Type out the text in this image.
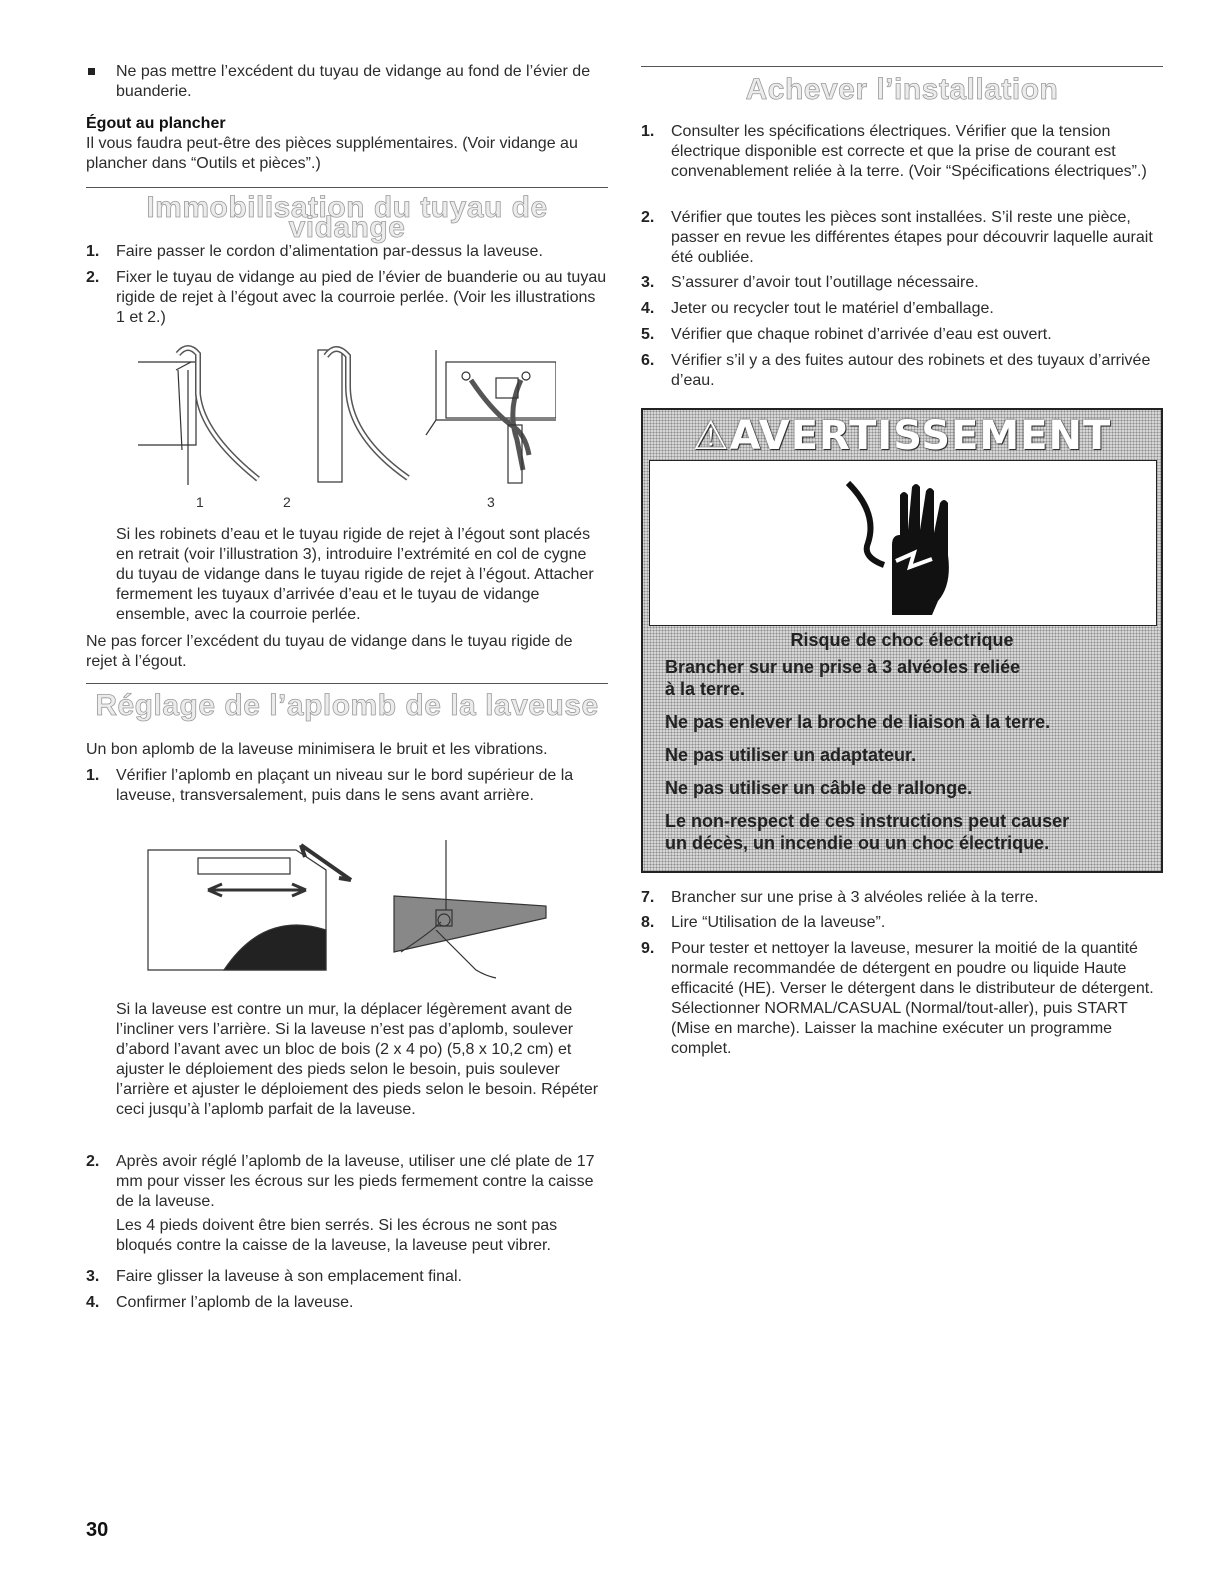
Ne pas mettre l’excédent du tuyau de vidange au fond de l’évier de buanderie.

Égout au plancher

Il vous faudra peut-être des pièces supplémentaires. (Voir vidange au plancher dans “Outils et pièces”.)

Immobilisation du tuyau de vidange
1. Faire passer le cordon d’alimentation par-dessus la laveuse.

2. Fixer le tuyau de vidange au pied de l’évier de buanderie ou au tuyau rigide de rejet à l’égout avec la courroie perlée. (Voir les illustrations 1 et 2.)

1	2	3

Si les robinets d’eau et le tuyau rigide de rejet à l’égout sont placés en retrait (voir l’illustration 3), introduire l’extrémité en col de cygne du tuyau de vidange dans le tuyau rigide de rejet à l’égout. Attacher fermement les tuyaux d’arrivée d’eau et le tuyau de vidange ensemble, avec la courroie perlée.

Ne pas forcer l’excédent du tuyau de vidange dans le tuyau rigide de rejet à l’égout.

Réglage de l’aplomb de la laveuse

Un bon aplomb de la laveuse minimisera le bruit et les vibrations.

1. Vérifier l’aplomb en plaçant un niveau sur le bord supérieur de la laveuse, transversalement, puis dans le sens avant arrière.

Si la laveuse est contre un mur, la déplacer légèrement avant de l’incliner vers l’arrière. Si la laveuse n’est pas d’aplomb, soulever d’abord l’avant avec un bloc de bois (2 x 4 po) (5,8 x 10,2 cm) et ajuster le déploiement des pieds selon le besoin, puis soulever l’arrière et ajuster le déploiement des pieds selon le besoin. Répéter ceci jusqu’à l’aplomb parfait de la laveuse.

2. Après avoir réglé l’aplomb de la laveuse, utiliser une clé plate de 17 mm pour visser les écrous sur les pieds fermement contre la caisse de la laveuse.

Les 4 pieds doivent être bien serrés. Si les écrous ne sont pas bloqués contre la caisse de la laveuse, la laveuse peut vibrer.

3. Faire glisser la laveuse à son emplacement final.

4. Confirmer l’aplomb de la laveuse.

Achever l’installation
1. Consulter les spécifications électriques. Vérifier que la tension électrique disponible est correcte et que la prise de courant est convenablement reliée à la terre. (Voir “Spécifications électriques”.)

2. Vérifier que toutes les pièces sont installées. S’il reste une pièce, passer en revue les différentes étapes pour découvrir laquelle aurait été oubliée.

3. S’assurer d’avoir tout l’outillage nécessaire.

4. Jeter ou recycler tout le matériel d’emballage.

5. Vérifier que chaque robinet d’arrivée d’eau est ouvert.

6. Vérifier s’il y a des fuites autour des robinets et des tuyaux d’arrivée d’eau.

⚠AVERTISSEMENT

Risque de choc électrique

Brancher sur une prise à 3 alvéoles reliée

à la terre.

Ne pas enlever la broche de liaison à la terre.

Ne pas utiliser un adaptateur.

Ne pas utiliser un câble de rallonge.

Le non-respect de ces instructions peut causer

un décès, un incendie ou un choc électrique.

7. Brancher sur une prise à 3 alvéoles reliée à la terre.

8. Lire “Utilisation de la laveuse”.

9. Pour tester et nettoyer la laveuse, mesurer la moitié de la quantité normale recommandée de détergent en poudre ou liquide Haute efficacité (HE). Verser le détergent dans le distributeur de détergent. Sélectionner NORMAL/CASUAL (Normal/tout-aller), puis START (Mise en marche). Laisser la machine exécuter un programme complet.

30
